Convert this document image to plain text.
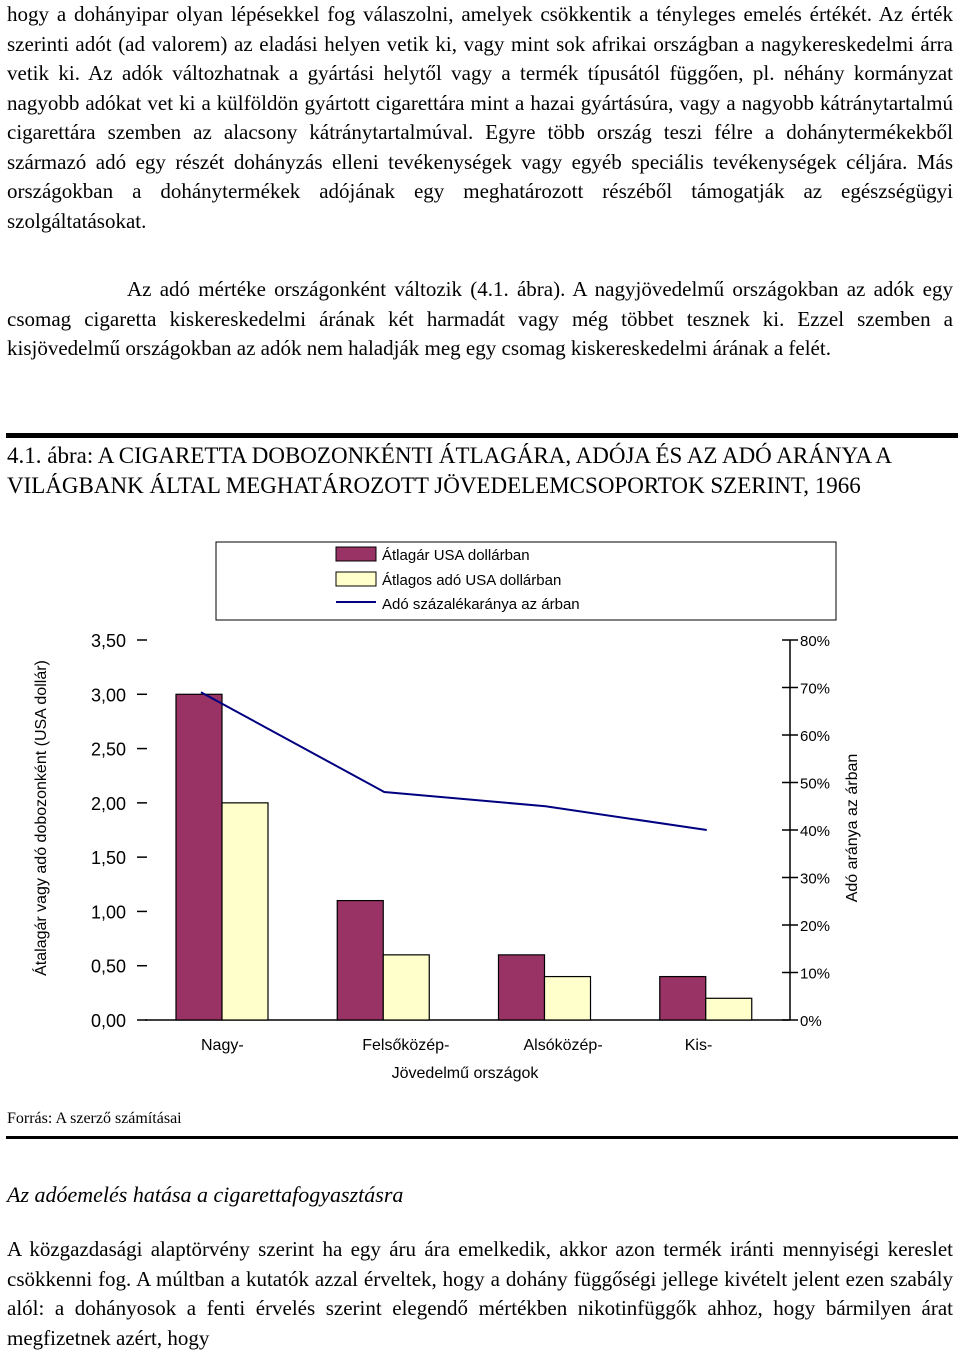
hogy a dohányipar olyan lépésekkel fog válaszolni, amelyek csökkentik a tényleges emelés értékét. Az érték szerinti adót (ad valorem) az eladási helyen vetik ki, vagy mint sok afrikai országban a nagykereskedelmi árra vetik ki. Az adók változhatnak a gyártási helytől vagy a termék típusától függően, pl. néhány kormányzat nagyobb adókat vet ki a külföldön gyártott cigarettára mint a hazai gyártásúra, vagy a nagyobb kátránytartalmú cigarettára szemben az alacsony kátránytartalmúval. Egyre több ország teszi félre a dohánytermékekből származó adó egy részét dohányzás elleni tevékenységek vagy egyéb speciális tevékenységek céljára. Más országokban a dohánytermékek adójának egy meghatározott részéből támogatják az egészségügyi szolgáltatásokat.

Az adó mértéke országonként változik (4.1. ábra). A nagyjövedelmű országokban az adók egy csomag cigaretta kiskereskedelmi árának két harmadát vagy még többet tesznek ki. Ezzel szemben a kisjövedelmű országokban az adók nem haladják meg egy csomag kiskereskedelmi árának a felét.

4.1. ábra: A CIGARETTA DOBOZONKÉNTI ÁTLAGÁRA, ADÓJA ÉS AZ ADÓ ARÁNYA A VILÁGBANK ÁLTAL MEGHATÁROZOTT JÖVEDELEMCSOPORTOK SZERINT, 1966

Átlagár USA dollárban
Átlagos adó USA dollárban
Adó százalékaránya az árban
0,00
0,50
1,00
1,50
2,00
2,50
3,00
3,50
0%
10%
20%
30%
40%
50%
60%
70%
80%
Nagy-	Felsőközép-	Alsóközép-	Kis-
Átalagár vagy adó dobozonként (USA dollár)	Adó aránya az árban
Jövedelmű országok

Forrás: A szerző számításai

Az adóemelés hatása a cigarettafogyasztásra

A közgazdasági alaptörvény szerint ha egy áru ára emelkedik, akkor azon termék iránti mennyiségi kereslet csökkenni fog. A múltban a kutatók azzal érveltek, hogy a dohány függőségi jellege kivételt jelent ezen szabály alól: a dohányosok a fenti érvelés szerint elegendő mértékben nikotinfüggők ahhoz, hogy bármilyen árat megfizetnek azért, hogy
